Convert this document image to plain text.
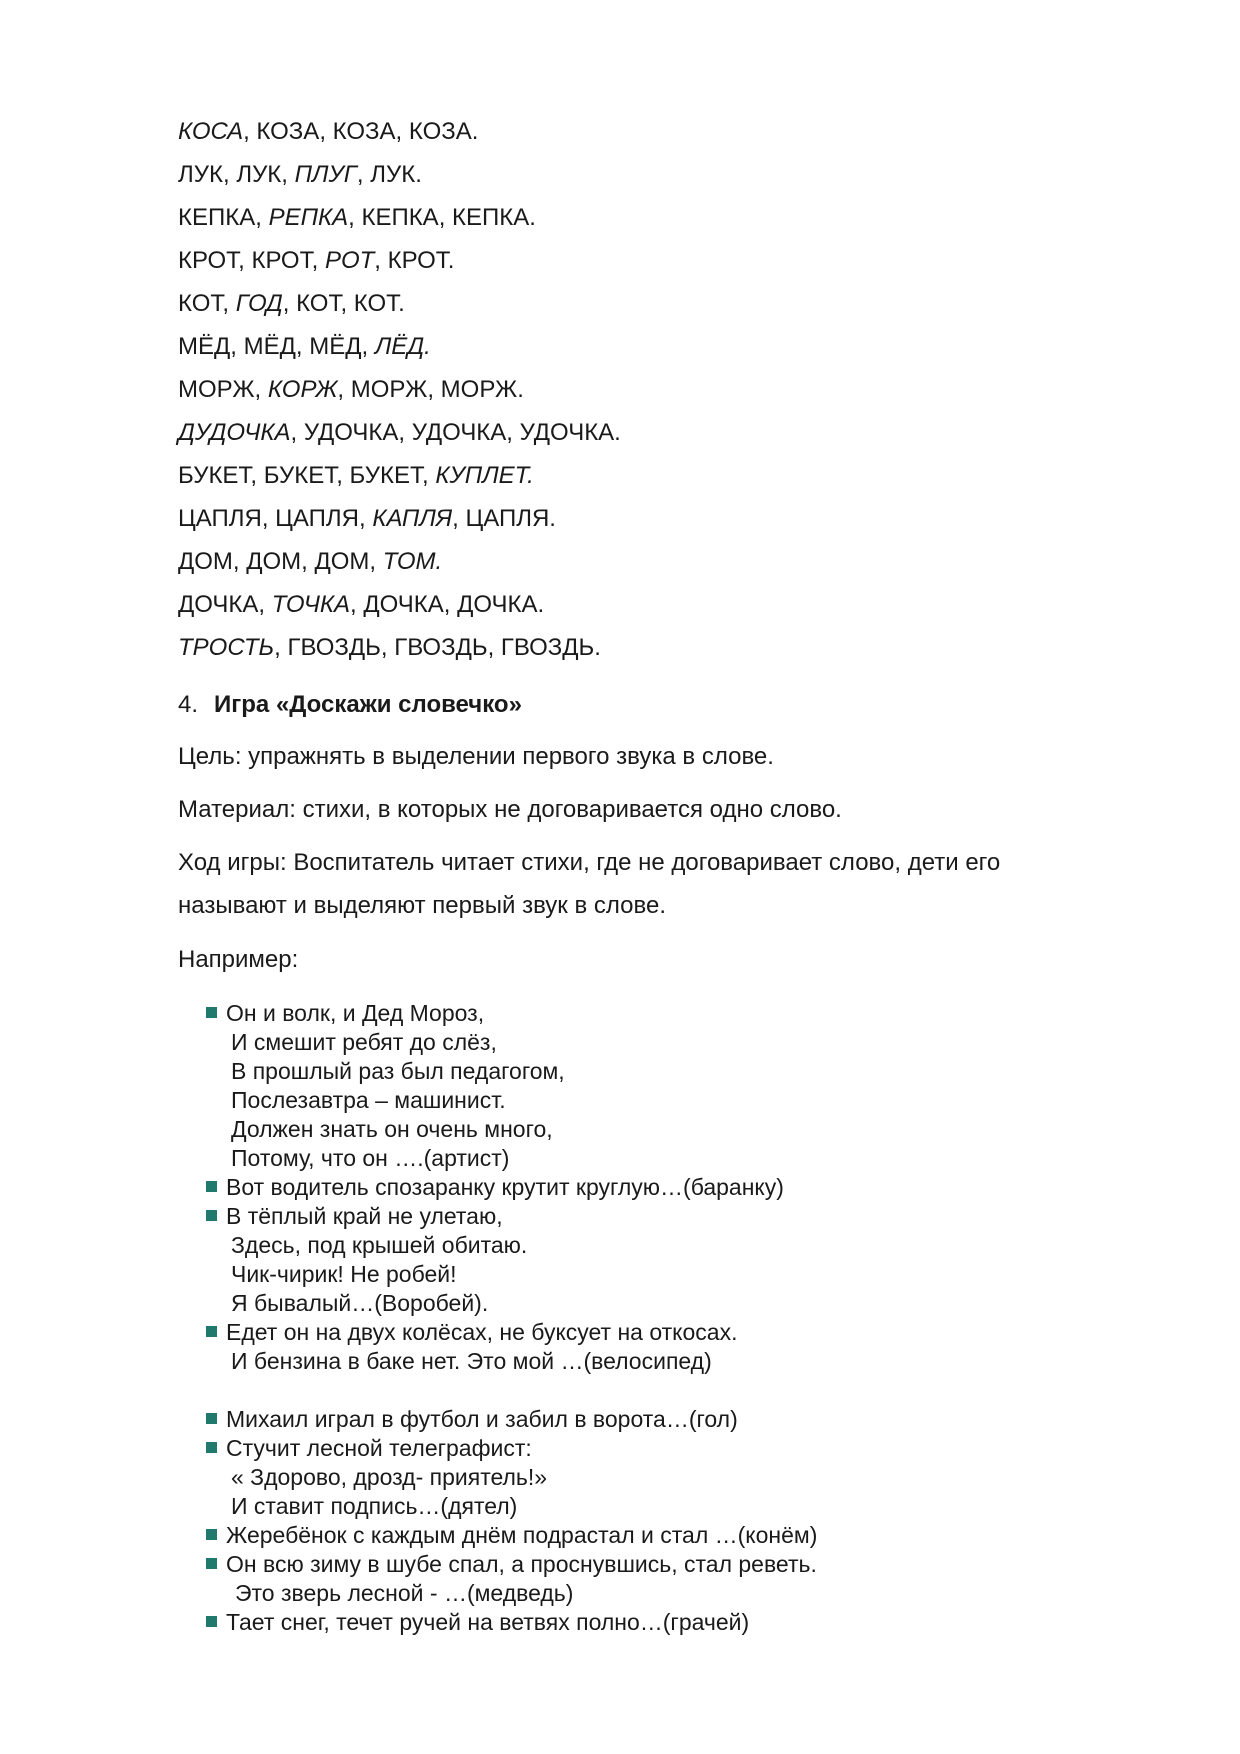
КОСА, КОЗА, КОЗА, КОЗА.
ЛУК, ЛУК, ПЛУГ, ЛУК.
КЕПКА, РЕПКА, КЕПКА, КЕПКА.
КРОТ, КРОТ, РОТ, КРОТ.
КОТ, ГОД, КОТ, КОТ.
МЁД, МЁД, МЁД, ЛЁД.
МОРЖ, КОРЖ, МОРЖ, МОРЖ.
ДУДОЧКА, УДОЧКА, УДОЧКА, УДОЧКА.
БУКЕТ, БУКЕТ, БУКЕТ, КУПЛЕТ.
ЦАПЛЯ, ЦАПЛЯ, КАПЛЯ, ЦАПЛЯ.
ДОМ, ДОМ, ДОМ, ТОМ.
ДОЧКА, ТОЧКА, ДОЧКА, ДОЧКА.
ТРОСТЬ, ГВОЗДЬ, ГВОЗДЬ, ГВОЗДЬ.
4. Игра «Доскажи словечко»
Цель: упражнять в выделении первого звука в слове.
Материал: стихи, в которых не договаривается одно слово.
Ход игры: Воспитатель читает стихи, где не договаривает слово, дети его
называют и выделяют первый звук в слове.
Например:
Он и волк, и Дед Мороз,
И смешит ребят до слёз,
В прошлый раз был педагогом,
Послезавтра – машинист.
Должен знать он очень много,
Потому, что он ….(артист)
Вот водитель спозаранку крутит круглую…(баранку)
В тёплый край не улетаю,
Здесь, под крышей обитаю.
Чик-чирик! Не робей!
Я бывалый…(Воробей).
Едет он на двух колёсах, не буксует на откосах.
И бензина в баке нет. Это мой …(велосипед)
Михаил играл в футбол и забил в ворота…(гол)
Стучит лесной телеграфист:
« Здорово, дрозд- приятель!»
И ставит подпись…(дятел)
Жеребёнок с каждым днём подрастал и стал …(конём)
Он всю зиму в шубе спал, а проснувшись, стал реветь.
Это зверь лесной - …(медведь)
Тает снег, течет ручей на ветвях полно…(грачей)
